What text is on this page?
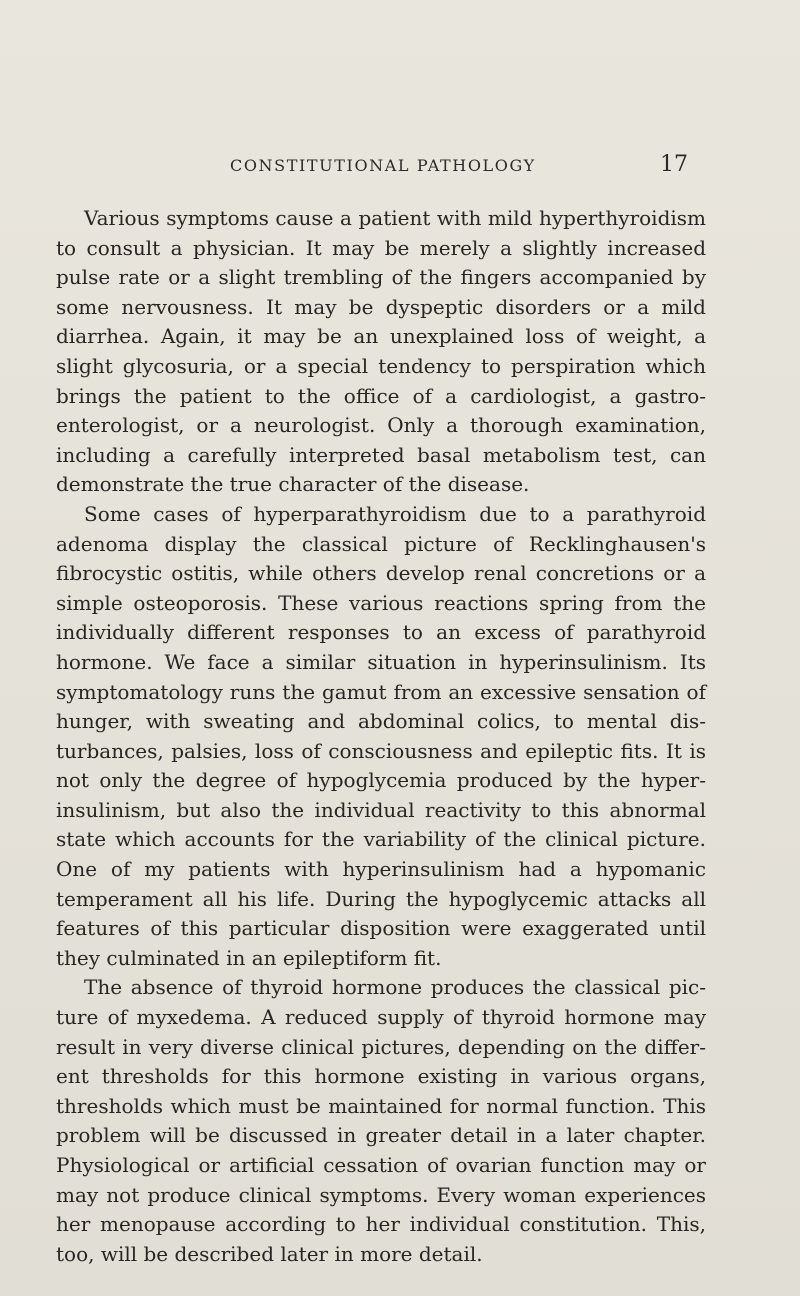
CONSTITUTIONAL PATHOLOGY	17

Various symptoms cause a patient with mild hyperthyroidism to consult a physician. It may be merely a slightly increased pulse rate or a slight trembling of the fingers accompanied by some nervousness. It may be dyspeptic disorders or a mild diarrhea. Again, it may be an unexplained loss of weight, a slight glycosuria, or a special tendency to perspiration which brings the patient to the office of a cardiologist, a gastro-enterologist, or a neurologist. Only a thorough examination, including a carefully interpreted basal metabolism test, can demonstrate the true character of the disease.

Some cases of hyperparathyroidism due to a parathyroid adenoma display the classical picture of Recklinghausen's fibrocystic ostitis, while others develop renal concretions or a simple osteoporosis. These various reactions spring from the individually different responses to an excess of parathyroid hormone. We face a similar situation in hyperinsulinism. Its symptomatology runs the gamut from an excessive sensation of hunger, with sweating and abdominal colics, to mental disturbances, palsies, loss of consciousness and epileptic fits. It is not only the degree of hypoglycemia produced by the hyperinsulinism, but also the individual reactivity to this abnormal state which accounts for the variability of the clinical picture. One of my patients with hyperinsulinism had a hypomanic temperament all his life. During the hypoglycemic attacks all features of this particular disposition were exaggerated until they culminated in an epileptiform fit.

The absence of thyroid hormone produces the classical picture of myxedema. A reduced supply of thyroid hormone may result in very diverse clinical pictures, depending on the different thresholds for this hormone existing in various organs, thresholds which must be maintained for normal function. This problem will be discussed in greater detail in a later chapter. Physiological or artificial cessation of ovarian function may or may not produce clinical symptoms. Every woman experiences her menopause according to her individual constitution. This, too, will be described later in more detail.
